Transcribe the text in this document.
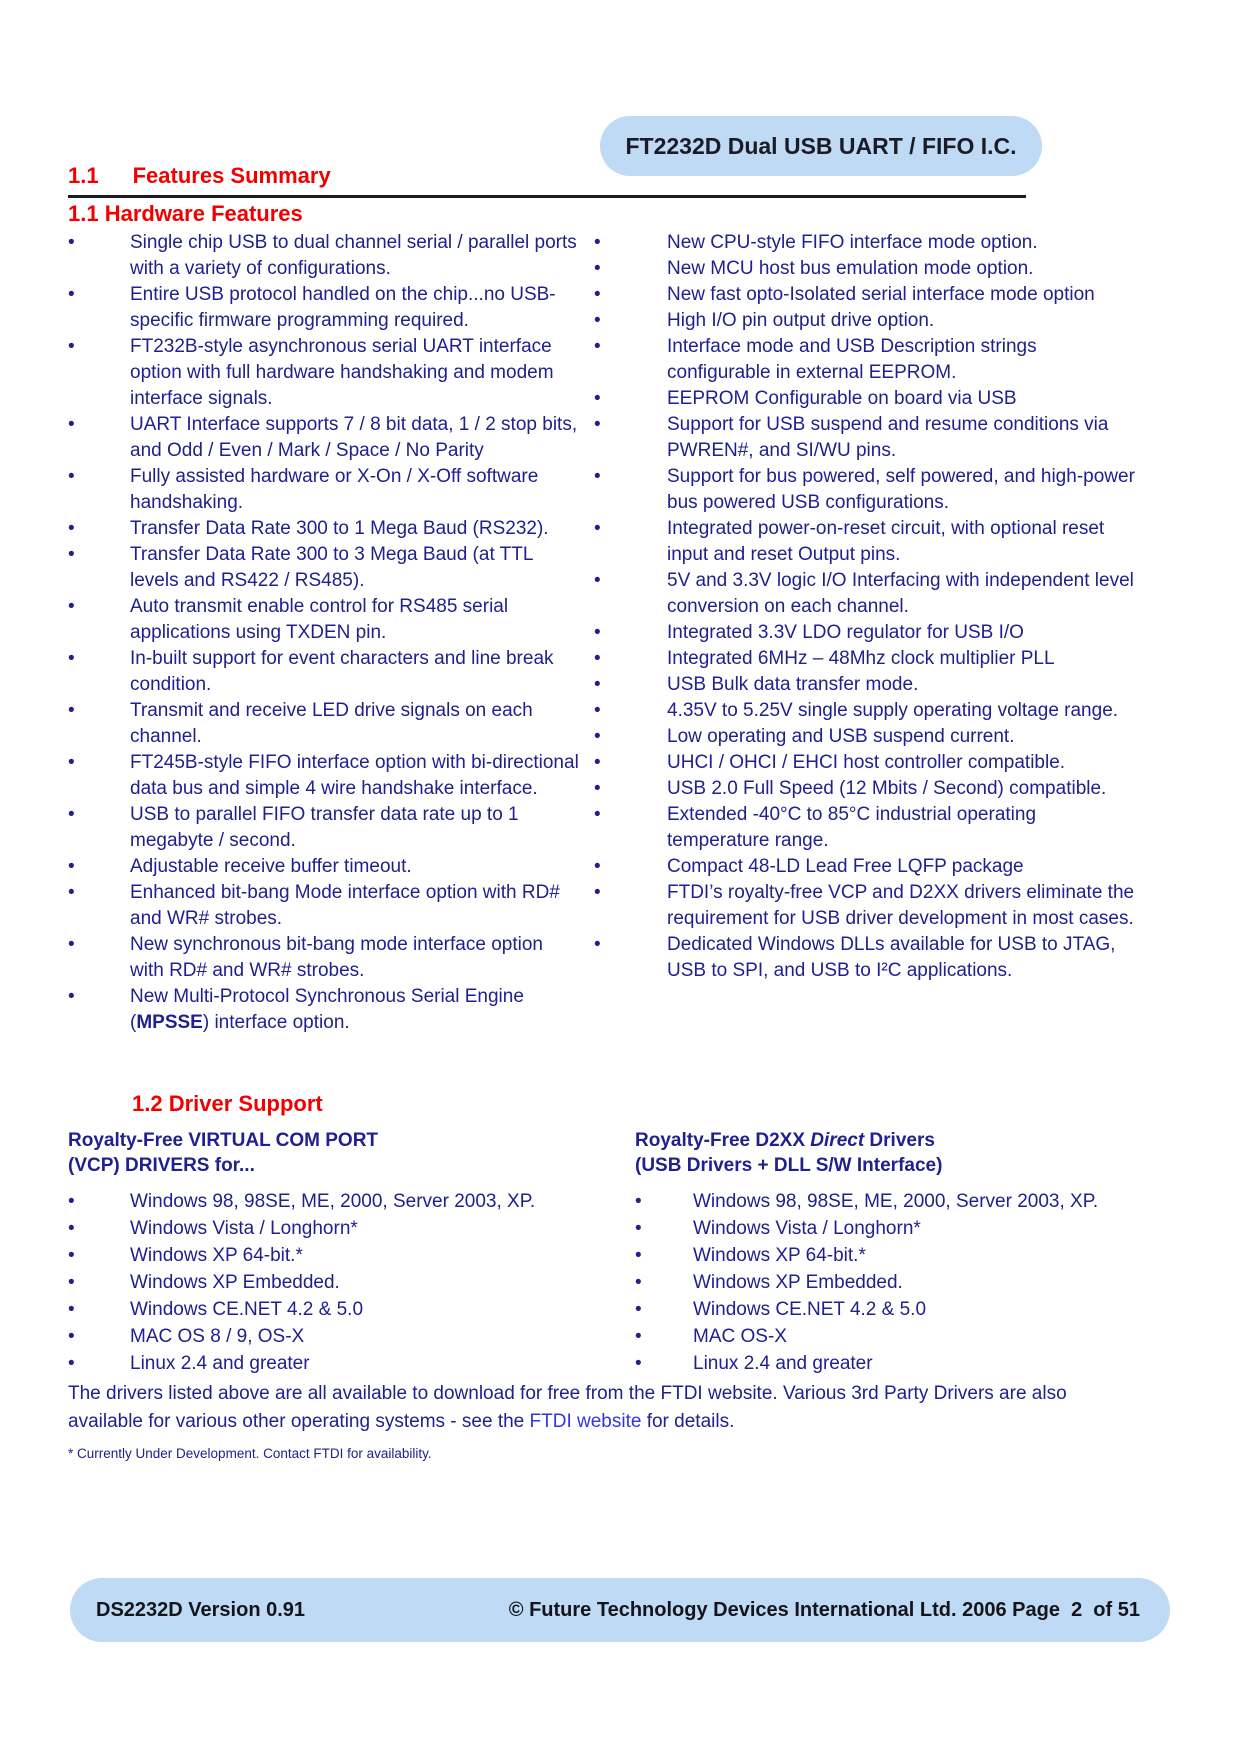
FT2232D Dual USB UART / FIFO I.C.
1.1 Features Summary
1.1 Hardware Features
•	Single chip USB to dual channel serial / parallel ports with a variety of configurations.
•	Entire USB protocol handled on the chip...no USB-specific firmware programming required.
•	FT232B-style asynchronous serial UART interface option with full hardware handshaking and modem interface signals.
•	UART Interface supports 7 / 8 bit data, 1 / 2 stop bits, and Odd / Even / Mark / Space / No Parity
•	Fully assisted hardware or X-On / X-Off software handshaking.
•	Transfer Data Rate 300 to 1 Mega Baud (RS232).
•	Transfer Data Rate 300 to 3 Mega Baud (at TTL levels and RS422 / RS485).
•	Auto transmit enable control for RS485 serial applications using TXDEN pin.
•	In-built support for event characters and line break condition.
•	Transmit and receive LED drive signals on each channel.
•	FT245B-style FIFO interface option with bi-directional data bus and simple 4 wire handshake interface.
•	USB to parallel FIFO transfer data rate up to 1 megabyte / second.
•	Adjustable receive buffer timeout.
•	Enhanced bit-bang Mode interface option with RD# and WR# strobes.
•	New synchronous bit-bang mode interface option with RD# and WR# strobes.
•	New Multi-Protocol Synchronous Serial Engine (MPSSE) interface option.
•	New CPU-style FIFO interface mode option.
•	New MCU host bus emulation mode option.
•	New fast opto-Isolated serial interface mode option
•	High I/O pin output drive option.
•	Interface mode and USB Description strings configurable in external EEPROM.
•	EEPROM Configurable on board via USB
•	Support for USB suspend and resume conditions via PWREN#, and SI/WU pins.
•	Support for bus powered, self powered, and high-power bus powered USB configurations.
•	Integrated power-on-reset circuit, with optional reset input and reset Output pins.
•	5V and 3.3V logic I/O Interfacing with independent level conversion on each channel.
•	Integrated 3.3V LDO regulator for USB I/O
•	Integrated 6MHz – 48Mhz clock multiplier PLL
•	USB Bulk data transfer mode.
•	4.35V to 5.25V single supply operating voltage range.
•	Low operating and USB suspend current.
•	UHCI / OHCI / EHCI host controller compatible.
•	USB 2.0 Full Speed (12 Mbits / Second) compatible.
•	Extended -40°C to 85°C industrial operating temperature range.
•	Compact 48-LD Lead Free LQFP package
•	FTDI’s royalty-free VCP and D2XX drivers eliminate the requirement for USB driver development in most cases.
•	Dedicated Windows DLLs available for USB to JTAG, USB to SPI, and USB to I²C applications.
1.2 Driver Support
Royalty-Free VIRTUAL COM PORT
(VCP) DRIVERS for...
•	Windows 98, 98SE, ME, 2000, Server 2003, XP.
•	Windows Vista / Longhorn*
•	Windows XP 64-bit.*
•	Windows XP Embedded.
•	Windows CE.NET 4.2 & 5.0
•	MAC OS 8 / 9, OS-X
•	Linux 2.4 and greater
Royalty-Free D2XX Direct Drivers
(USB Drivers + DLL S/W Interface)
•	Windows 98, 98SE, ME, 2000, Server 2003, XP.
•	Windows Vista / Longhorn*
•	Windows XP 64-bit.*
•	Windows XP Embedded.
•	Windows CE.NET 4.2 & 5.0
•	MAC OS-X
•	Linux 2.4 and greater
The drivers listed above are all available to download for free from the FTDI website. Various 3rd Party Drivers are also available for various other operating systems - see the FTDI website for details.
* Currently Under Development. Contact FTDI for availability.
DS2232D Version 0.91	© Future Technology Devices International Ltd. 2006 Page  2  of 51
